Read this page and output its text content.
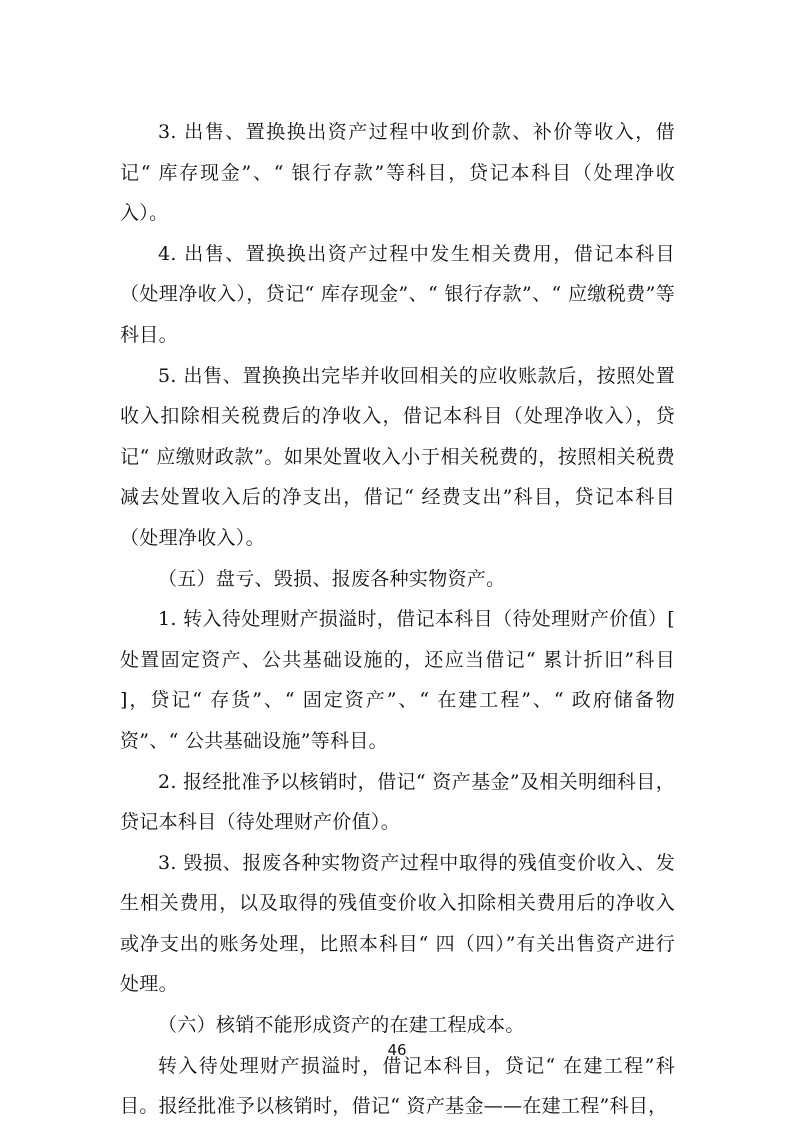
3. 出售、置换换出资产过程中收到价款、补价等收入，借记“ 库存现金”、“ 银行存款”等科目，贷记本科目（处理净收入）。

4. 出售、置换换出资产过程中发生相关费用，借记本科目（处理净收入），贷记“ 库存现金”、“ 银行存款”、“ 应缴税费”等科目。

5. 出售、置换换出完毕并收回相关的应收账款后，按照处置收入扣除相关税费后的净收入，借记本科目（处理净收入），贷记“ 应缴财政款”。如果处置收入小于相关税费的，按照相关税费减去处置收入后的净支出，借记“ 经费支出”科目，贷记本科目（处理净收入）。

（五）盘亏、毁损、报废各种实物资产。

1. 转入待处理财产损溢时，借记本科目（待处理财产价值）[ 处置固定资产、公共基础设施的，还应当借记“ 累计折旧”科目 ]，贷记“ 存货”、“ 固定资产”、“ 在建工程”、“ 政府储备物资”、“ 公共基础设施”等科目。

2. 报经批准予以核销时，借记“ 资产基金”及相关明细科目，贷记本科目（待处理财产价值）。

3. 毁损、报废各种实物资产过程中取得的残值变价收入、发生相关费用，以及取得的残值变价收入扣除相关费用后的净收入或净支出的账务处理，比照本科目“ 四（四）”有关出售资产进行处理。

（六）核销不能形成资产的在建工程成本。

转入待处理财产损溢时，借记本科目，贷记“ 在建工程”科目。报经批准予以核销时，借记“ 资产基金——在建工程”科目，

46
